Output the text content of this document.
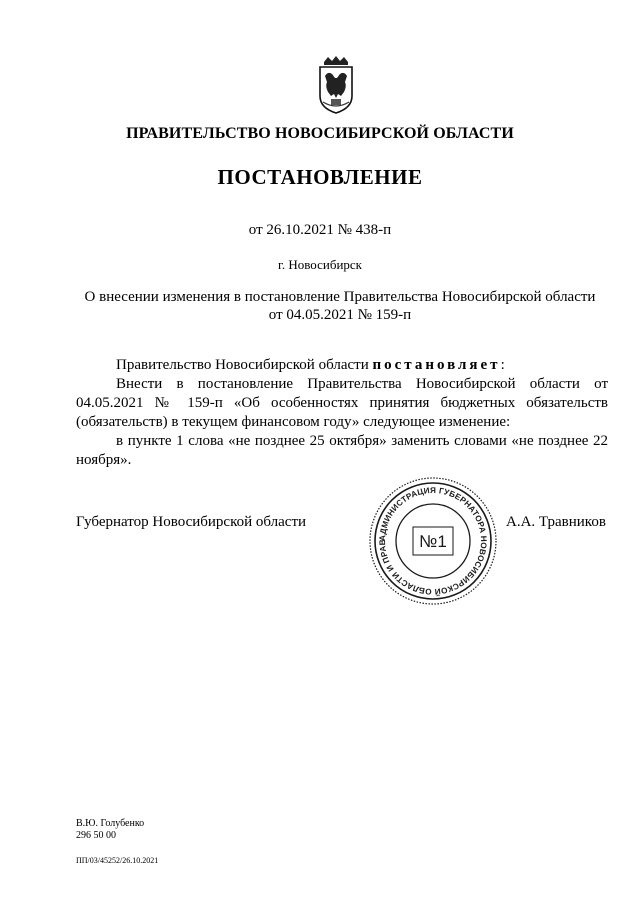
ПРАВИТЕЛЬСТВО НОВОСИБИРСКОЙ ОБЛАСТИ
ПОСТАНОВЛЕНИЕ
от 26.10.2021 № 438-п
г. Новосибирск
О внесении изменения в постановление Правительства Новосибирской области
от 04.05.2021 № 159-п

Правительство Новосибирской области постановляет:

Внести в постановление Правительства Новосибирской области от 04.05.2021 № 159-п «Об особенностях принятия бюджетных обязательств (обязательств) в текущем финансовом году» следующее изменение:

в пункте 1 слова «не позднее 25 октября» заменить словами «не позднее 22 ноября».

Губернатор Новосибирской области	А.А. Травников
АДМИНИСТРАЦИЯ ГУБЕРНАТОРА НОВОСИБИРСКОЙ ОБЛАСТИ И ПРАВ	№1
В.Ю. Голубенко
296 50 00
ПП/03/45252/26.10.2021
